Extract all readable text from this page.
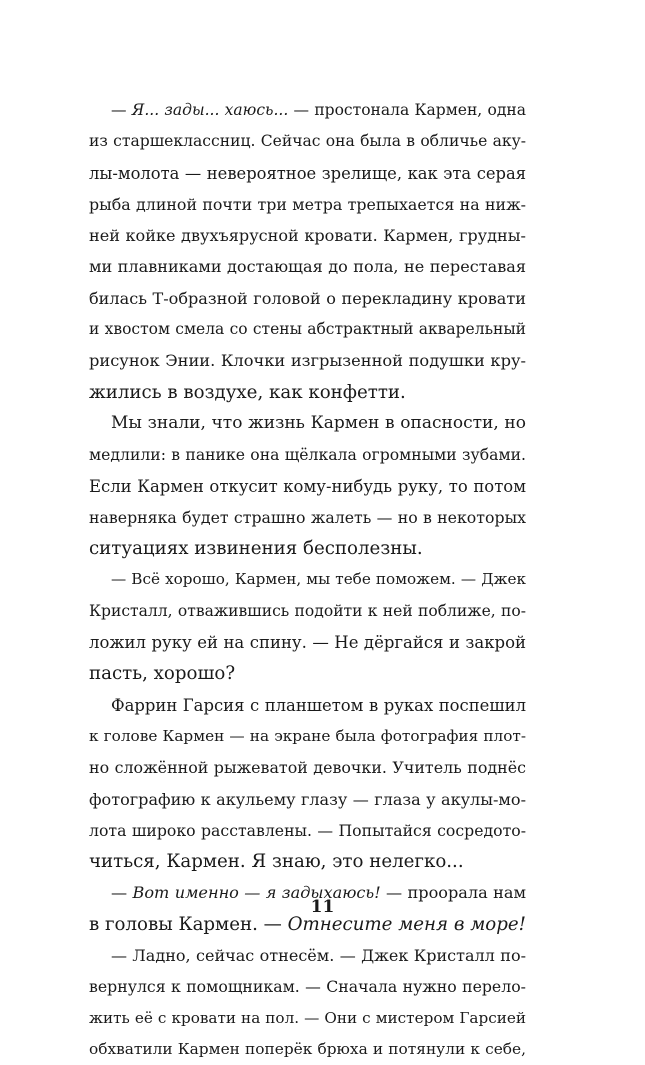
— Я... зады... хаюсь... — простонала Кармен, одна
из старшеклассниц. Сейчас она была в обличье аку-
лы-молота — невероятное зрелище, как эта серая
рыба длиной почти три метра трепыхается на ниж-
ней койке двухъярусной кровати. Кармен, грудны-
ми плавниками достающая до пола, не переставая
билась Т-образной головой о перекладину кровати
и хвостом смела со стены абстрактный акварельный
рисунок Энии. Клочки изгрызенной подушки кру-
жились в воздухе, как конфетти.
Мы знали, что жизнь Кармен в опасности, но
медлили: в панике она щёлкала огромными зубами.
Если Кармен откусит кому-нибудь руку, то потом
наверняка будет страшно жалеть — но в некоторых
ситуациях извинения бесполезны.
— Всё хорошо, Кармен, мы тебе поможем. — Джек
Кристалл, отважившись подойти к ней поближе, по-
ложил руку ей на спину. — Не дёргайся и закрой
пасть, хорошо?
Фаррин Гарсия с планшетом в руках поспешил
к голове Кармен — на экране была фотография плот-
но сложённой рыжеватой девочки. Учитель поднёс
фотографию к акульему глазу — глаза у акулы-мо-
лота широко расставлены. — Попытайся сосредото-
читься, Кармен. Я знаю, это нелегко...
— Вот именно — я задыхаюсь! — проорала нам
в головы Кармен. — Отнесите меня в море!
— Ладно, сейчас отнесём. — Джек Кристалл по-
вернулся к помощникам. — Сначала нужно перело-
жить её с кровати на пол. — Они с мистером Гарсией
обхватили Кармен поперёк брюха и потянули к себе,
11
